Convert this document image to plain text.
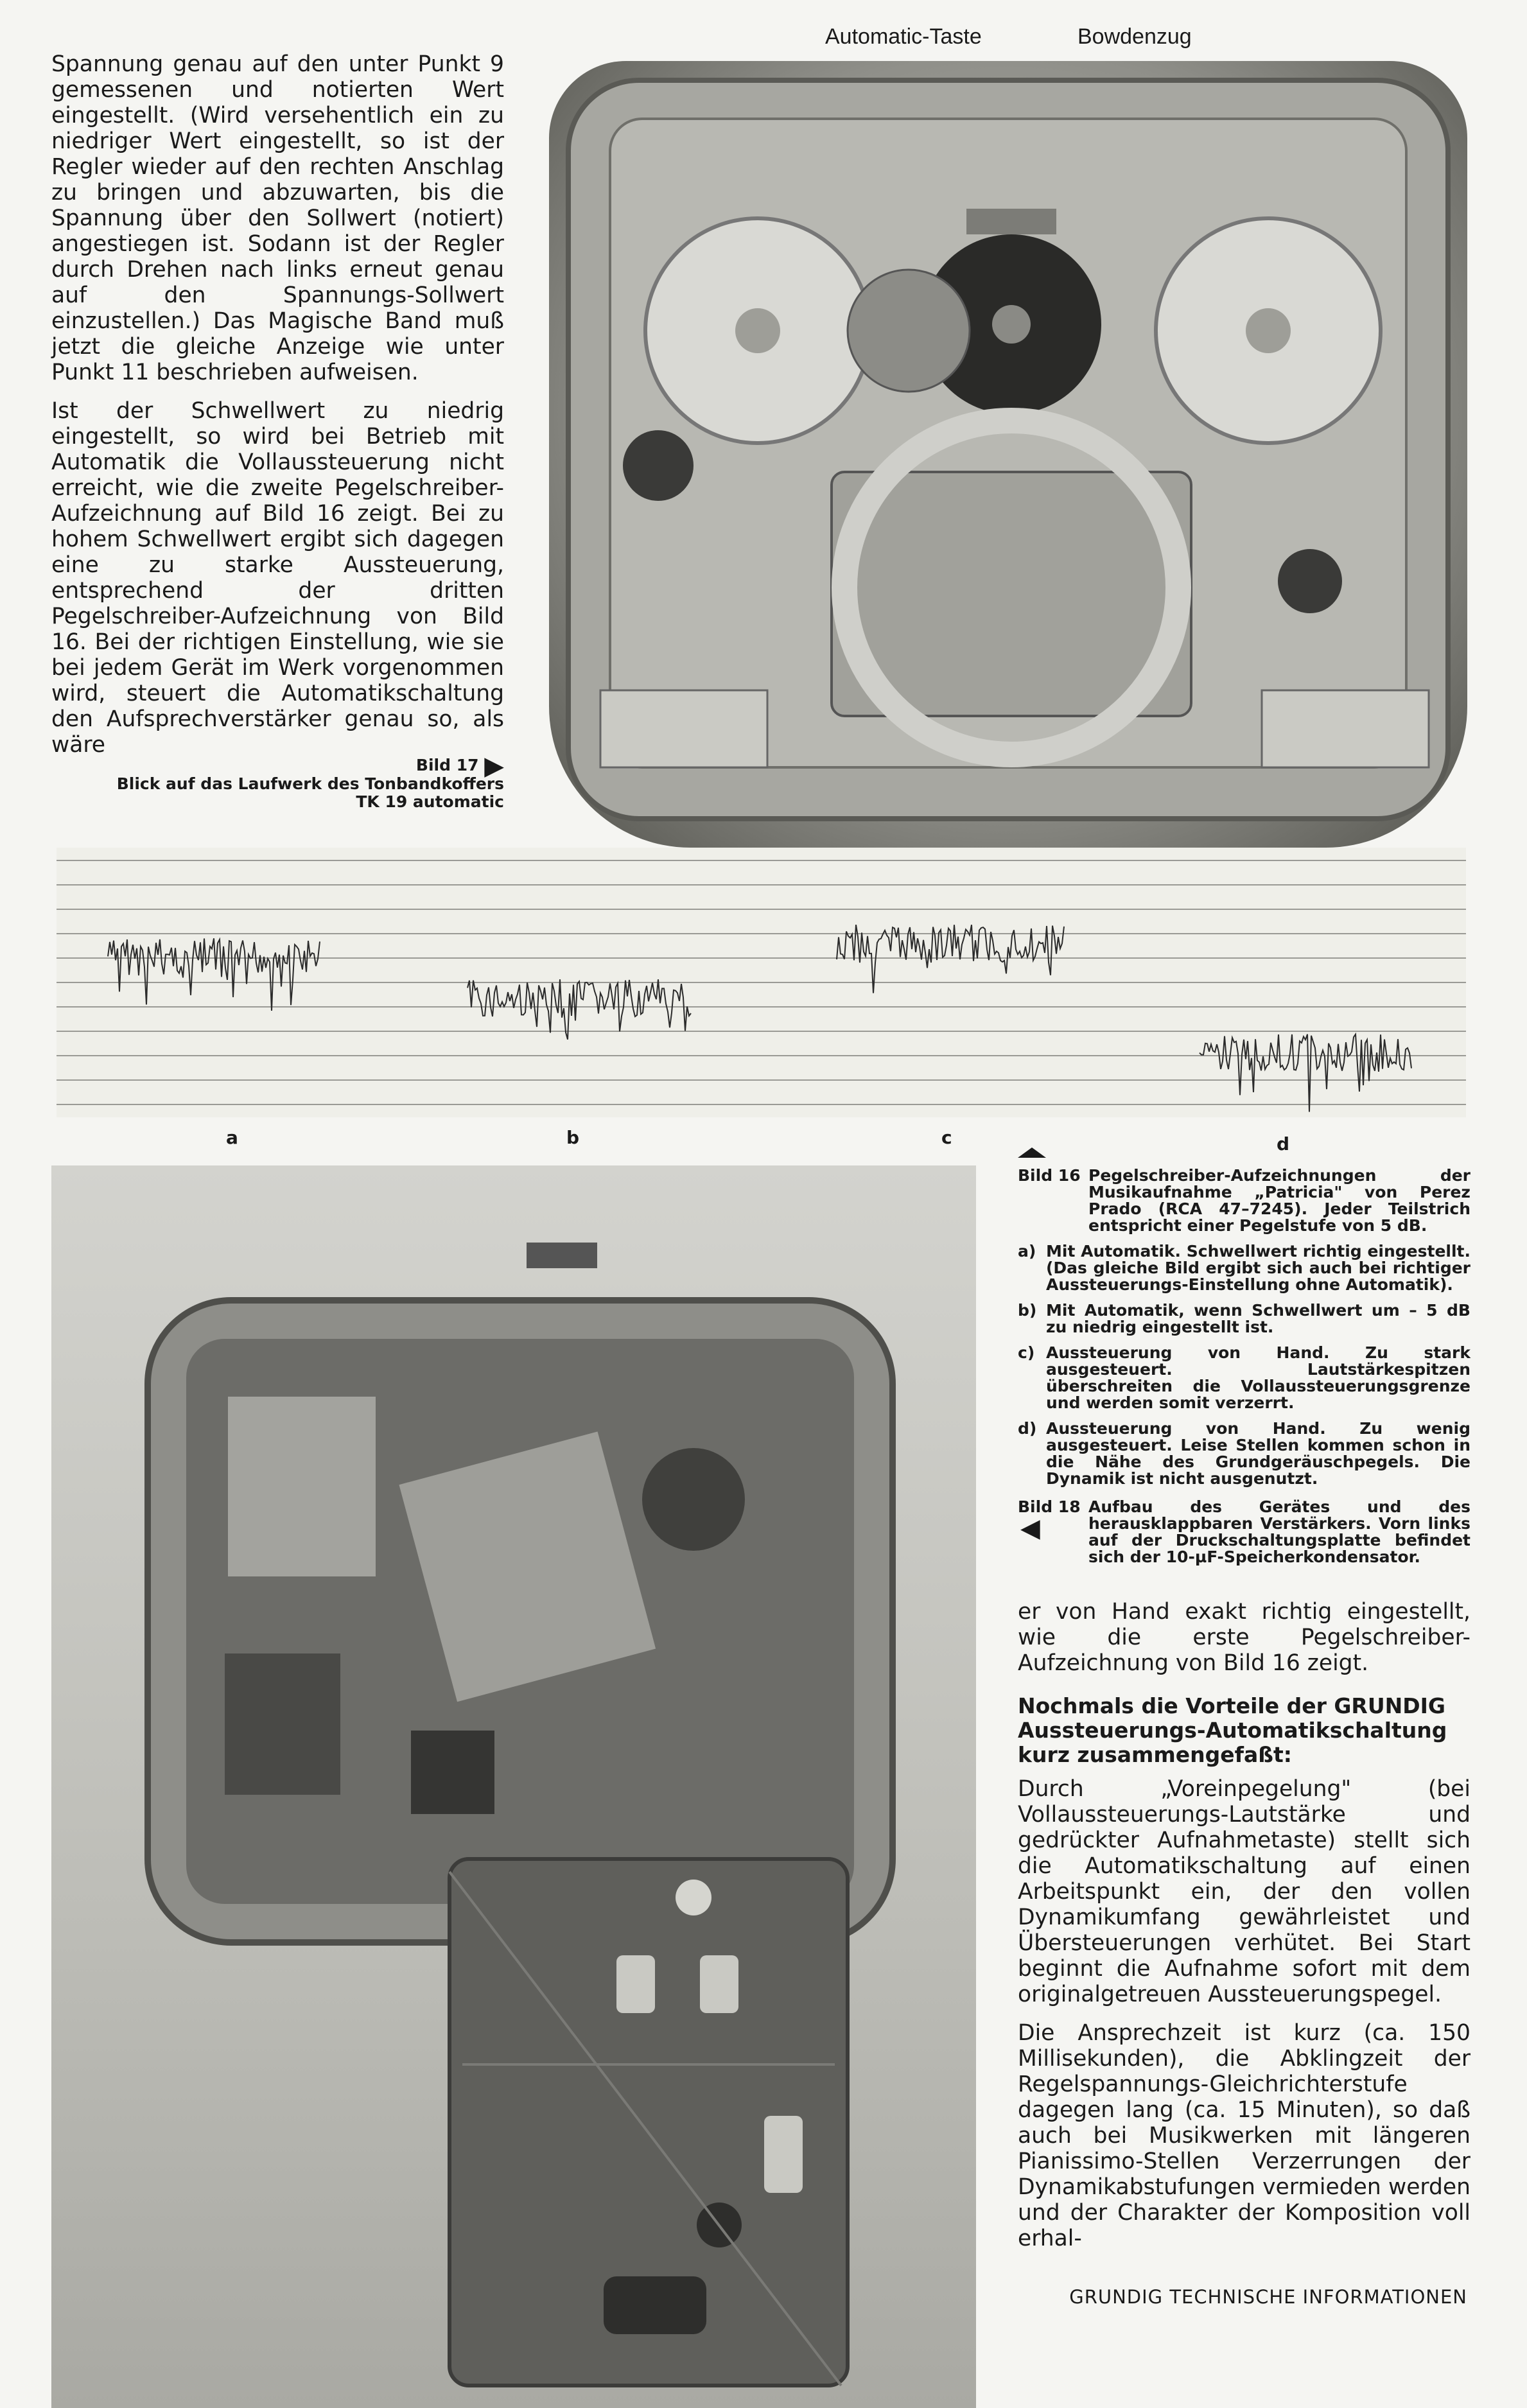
Spannung genau auf den unter Punkt 9 gemessenen und notierten Wert eingestellt. (Wird versehentlich ein zu niedriger Wert eingestellt, so ist der Regler wieder auf den rechten Anschlag zu bringen und abzuwarten, bis die Spannung über den Sollwert (notiert) angestiegen ist. Sodann ist der Regler durch Drehen nach links erneut genau auf den Spannungs-Sollwert einzustellen.) Das Magische Band muß jetzt die gleiche Anzeige wie unter Punkt 11 beschrieben aufweisen.

Ist der Schwellwert zu niedrig eingestellt, so wird bei Betrieb mit Automatik die Vollaussteuerung nicht erreicht, wie die zweite Pegelschreiber-Aufzeichnung auf Bild 16 zeigt. Bei zu hohem Schwellwert ergibt sich dagegen eine zu starke Aussteuerung, entsprechend der dritten Pegelschreiber-Aufzeichnung von Bild 16. Bei der richtigen Einstellung, wie sie bei jedem Gerät im Werk vorgenommen wird, steuert die Automatikschaltung den Aufsprechverstärker genau so, als wäre

Bild 17 ▶
Blick auf das Laufwerk des Tonbandkoffers
TK 19 automatic
Automatic-Taste	Bowdenzug
a	b	c	d
Bild 16 Pegelschreiber-Aufzeichnungen der Musikaufnahme „Patricia" von Perez Prado (RCA 47–7245). Jeder Teilstrich entspricht einer Pegelstufe von 5 dB.
a) Mit Automatik. Schwellwert richtig eingestellt. (Das gleiche Bild ergibt sich auch bei richtiger Aussteuerungs-Einstellung ohne Automatik).
b) Mit Automatik, wenn Schwellwert um – 5 dB zu niedrig eingestellt ist.
c) Aussteuerung von Hand. Zu stark ausgesteuert. Lautstärkespitzen überschreiten die Vollaussteuerungsgrenze und werden somit verzerrt.
d) Aussteuerung von Hand. Zu wenig ausgesteuert. Leise Stellen kommen schon in die Nähe des Grundgeräuschpegels. Die Dynamik ist nicht ausgenutzt.
Bild 18
◀
Aufbau des Gerätes und des herausklappbaren Verstärkers. Vorn links auf der Druckschaltungsplatte befindet sich der 10-µF-Speicherkondensator.

er von Hand exakt richtig eingestellt, wie die erste Pegelschreiber-Aufzeichnung von Bild 16 zeigt.

Nochmals die Vorteile der GRUNDIG Aussteuerungs-Automatikschaltung kurz zusammengefaßt:

Durch „Voreinpegelung" (bei Vollaussteuerungs-Lautstärke und gedrückter Aufnahmetaste) stellt sich die Automatikschaltung auf einen Arbeitspunkt ein, der den vollen Dynamikumfang gewährleistet und Übersteuerungen verhütet. Bei Start beginnt die Aufnahme sofort mit dem originalgetreuen Aussteuerungspegel.

Die Ansprechzeit ist kurz (ca. 150 Millisekunden), die Abklingzeit der Regelspannungs-Gleichrichterstufe dagegen lang (ca. 15 Minuten), so daß auch bei Musikwerken mit längeren Pianissimo-Stellen Verzerrungen der Dynamikabstufungen vermieden werden und der Charakter der Komposition voll erhal-

GRUNDIG TECHNISCHE INFORMATIONEN
